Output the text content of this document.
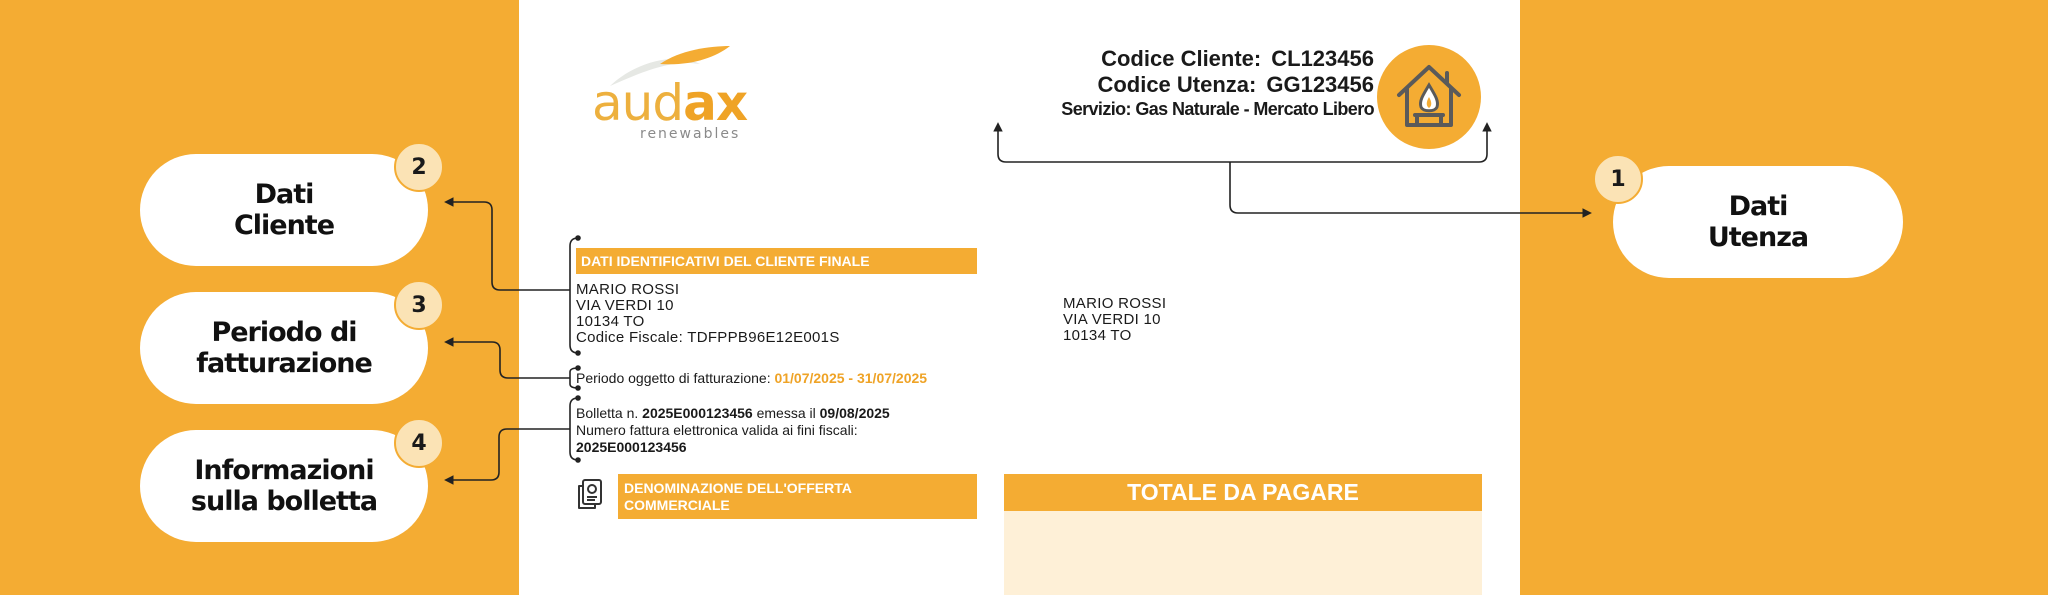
audax
renewables
Codice Cliente: CL123456
Codice Utenza: GG123456
Servizio: Gas Naturale - Mercato Libero
Dati
Cliente
2
Periodo di
fatturazione
3
Informazioni
sulla bolletta
4
Dati
Utenza
1
DATI IDENTIFICATIVI DEL CLIENTE FINALE
MARIO ROSSI
VIA VERDI 10
10134 TO
Codice Fiscale: TDFPPB96E12E001S
MARIO ROSSI
VIA VERDI 10
10134 TO
Periodo oggetto di fatturazione: 01/07/2025 - 31/07/2025
Bolletta n. 2025E000123456 emessa il 09/08/2025
Numero fattura elettronica valida ai fini fiscali:
2025E000123456
DENOMINAZIONE DELL'OFFERTA
COMMERCIALE	TOTALE DA PAGARE
